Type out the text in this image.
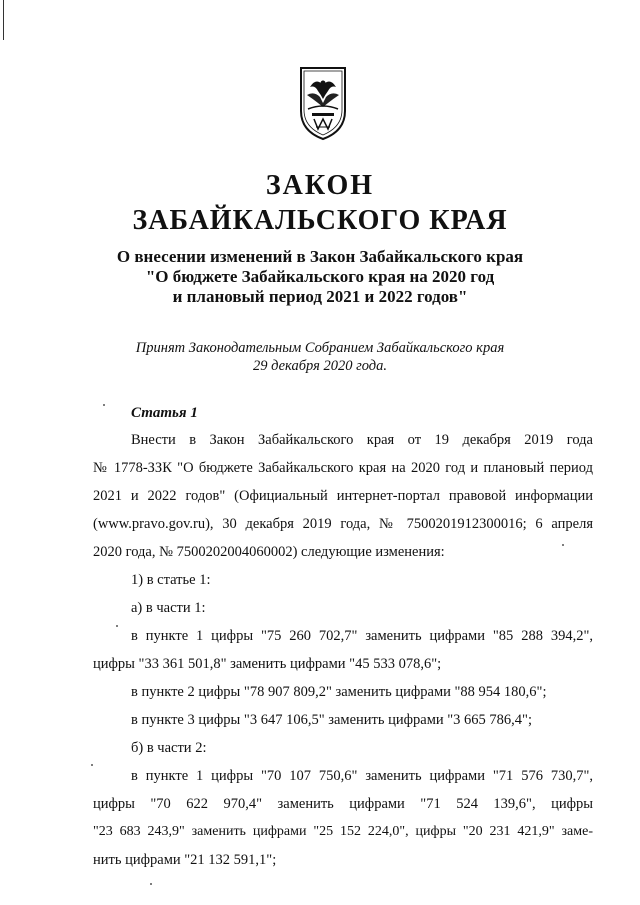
ЗАКОН
ЗАБАЙКАЛЬСКОГО КРАЯ
О внесении изменений в Закон Забайкальского края
"О бюджете Забайкальского края на 2020 год
и плановый период 2021 и 2022 годов"
Принят Законодательным Собранием Забайкальского края
29 декабря 2020 года.
Статья 1
Внести в Закон Забайкальского края от 19 декабря 2019 года
№ 1778-ЗЗК "О бюджете Забайкальского края на 2020 год и плановый период
2021 и 2022 годов" (Официальный интернет-портал правовой информации
(www.pravo.gov.ru), 30 декабря 2019 года, № 7500201912300016; 6 апреля
2020 года, № 7500202004060002) следующие изменения:
1) в статье 1:
а) в части 1:
в пункте 1 цифры "75 260 702,7" заменить цифрами "85 288 394,2",
цифры "33 361 501,8" заменить цифрами "45 533 078,6";
в пункте 2 цифры "78 907 809,2" заменить цифрами "88 954 180,6";
в пункте 3 цифры "3 647 106,5" заменить цифрами "3 665 786,4";
б) в части 2:
в пункте 1 цифры "70 107 750,6" заменить цифрами "71 576 730,7",
цифры "70 622 970,4" заменить цифрами "71 524 139,6", цифры
"23 683 243,9" заменить цифрами "25 152 224,0", цифры "20 231 421,9" заме-
нить цифрами "21 132 591,1";
